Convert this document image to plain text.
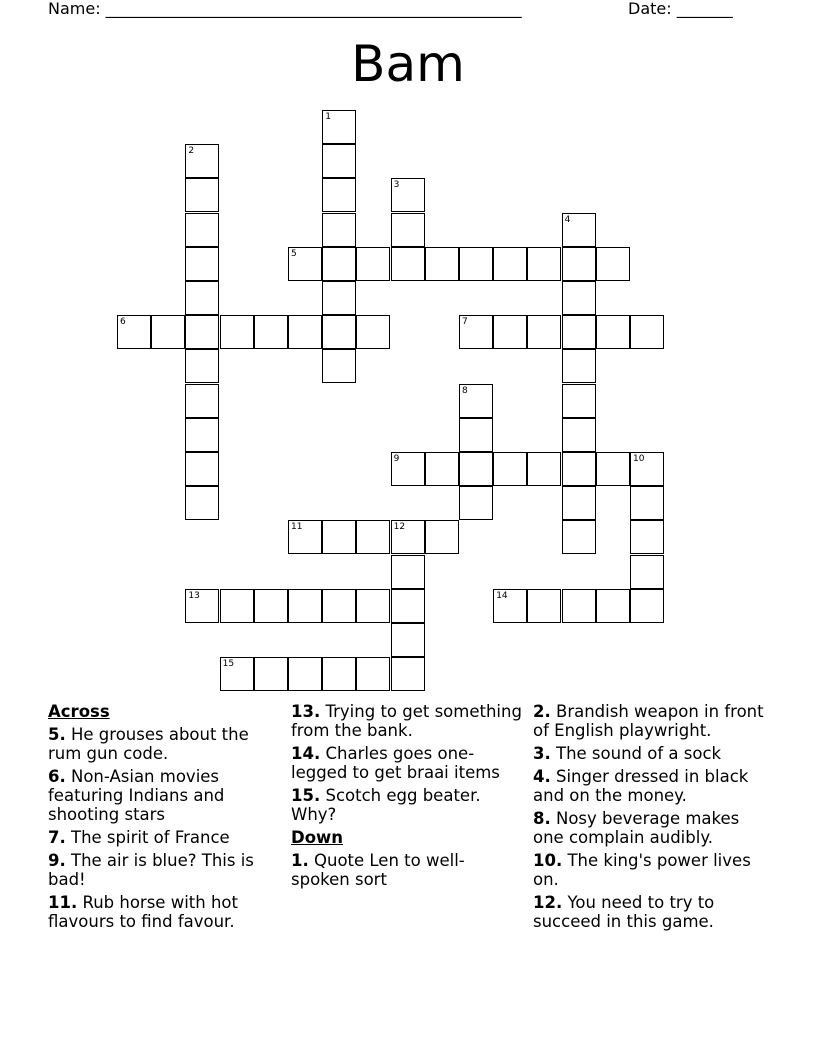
Name: ____________________________________________________	Date: _______
Bam
1
2
3
4
5
6	7
8
9	10
11	12
13	14
15
Across
5. He grouses about the rum gun code.
6. Non-Asian movies featuring Indians and shooting stars
7. The spirit of France
9. The air is blue? This is bad!
11. Rub horse with hot flavours to find favour.
13. Trying to get something from the bank.
14. Charles goes one-legged to get braai items
15. Scotch egg beater. Why?
Down
1. Quote Len to well-spoken sort
2. Brandish weapon in front of English playwright.
3. The sound of a sock
4. Singer dressed in black and on the money.
8. Nosy beverage makes one complain audibly.
10. The king's power lives on.
12. You need to try to succeed in this game.
